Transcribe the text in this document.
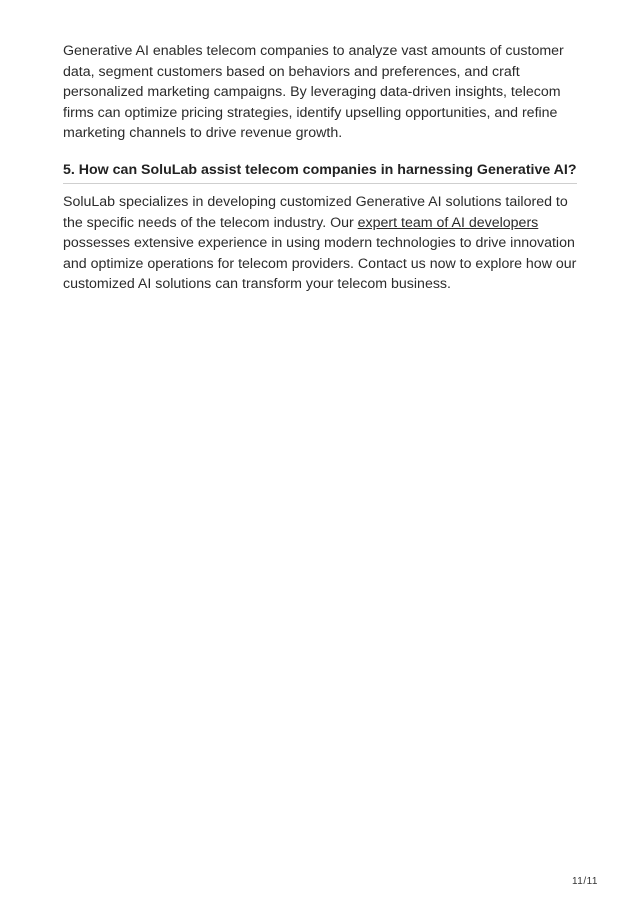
Generative AI enables telecom companies to analyze vast amounts of customer data, segment customers based on behaviors and preferences, and craft personalized marketing campaigns. By leveraging data-driven insights, telecom firms can optimize pricing strategies, identify upselling opportunities, and refine marketing channels to drive revenue growth.

5. How can SoluLab assist telecom companies in harnessing Generative AI?

SoluLab specializes in developing customized Generative AI solutions tailored to the specific needs of the telecom industry. Our expert team of AI developers possesses extensive experience in using modern technologies to drive innovation and optimize operations for telecom providers. Contact us now to explore how our customized AI solutions can transform your telecom business.

11/11
